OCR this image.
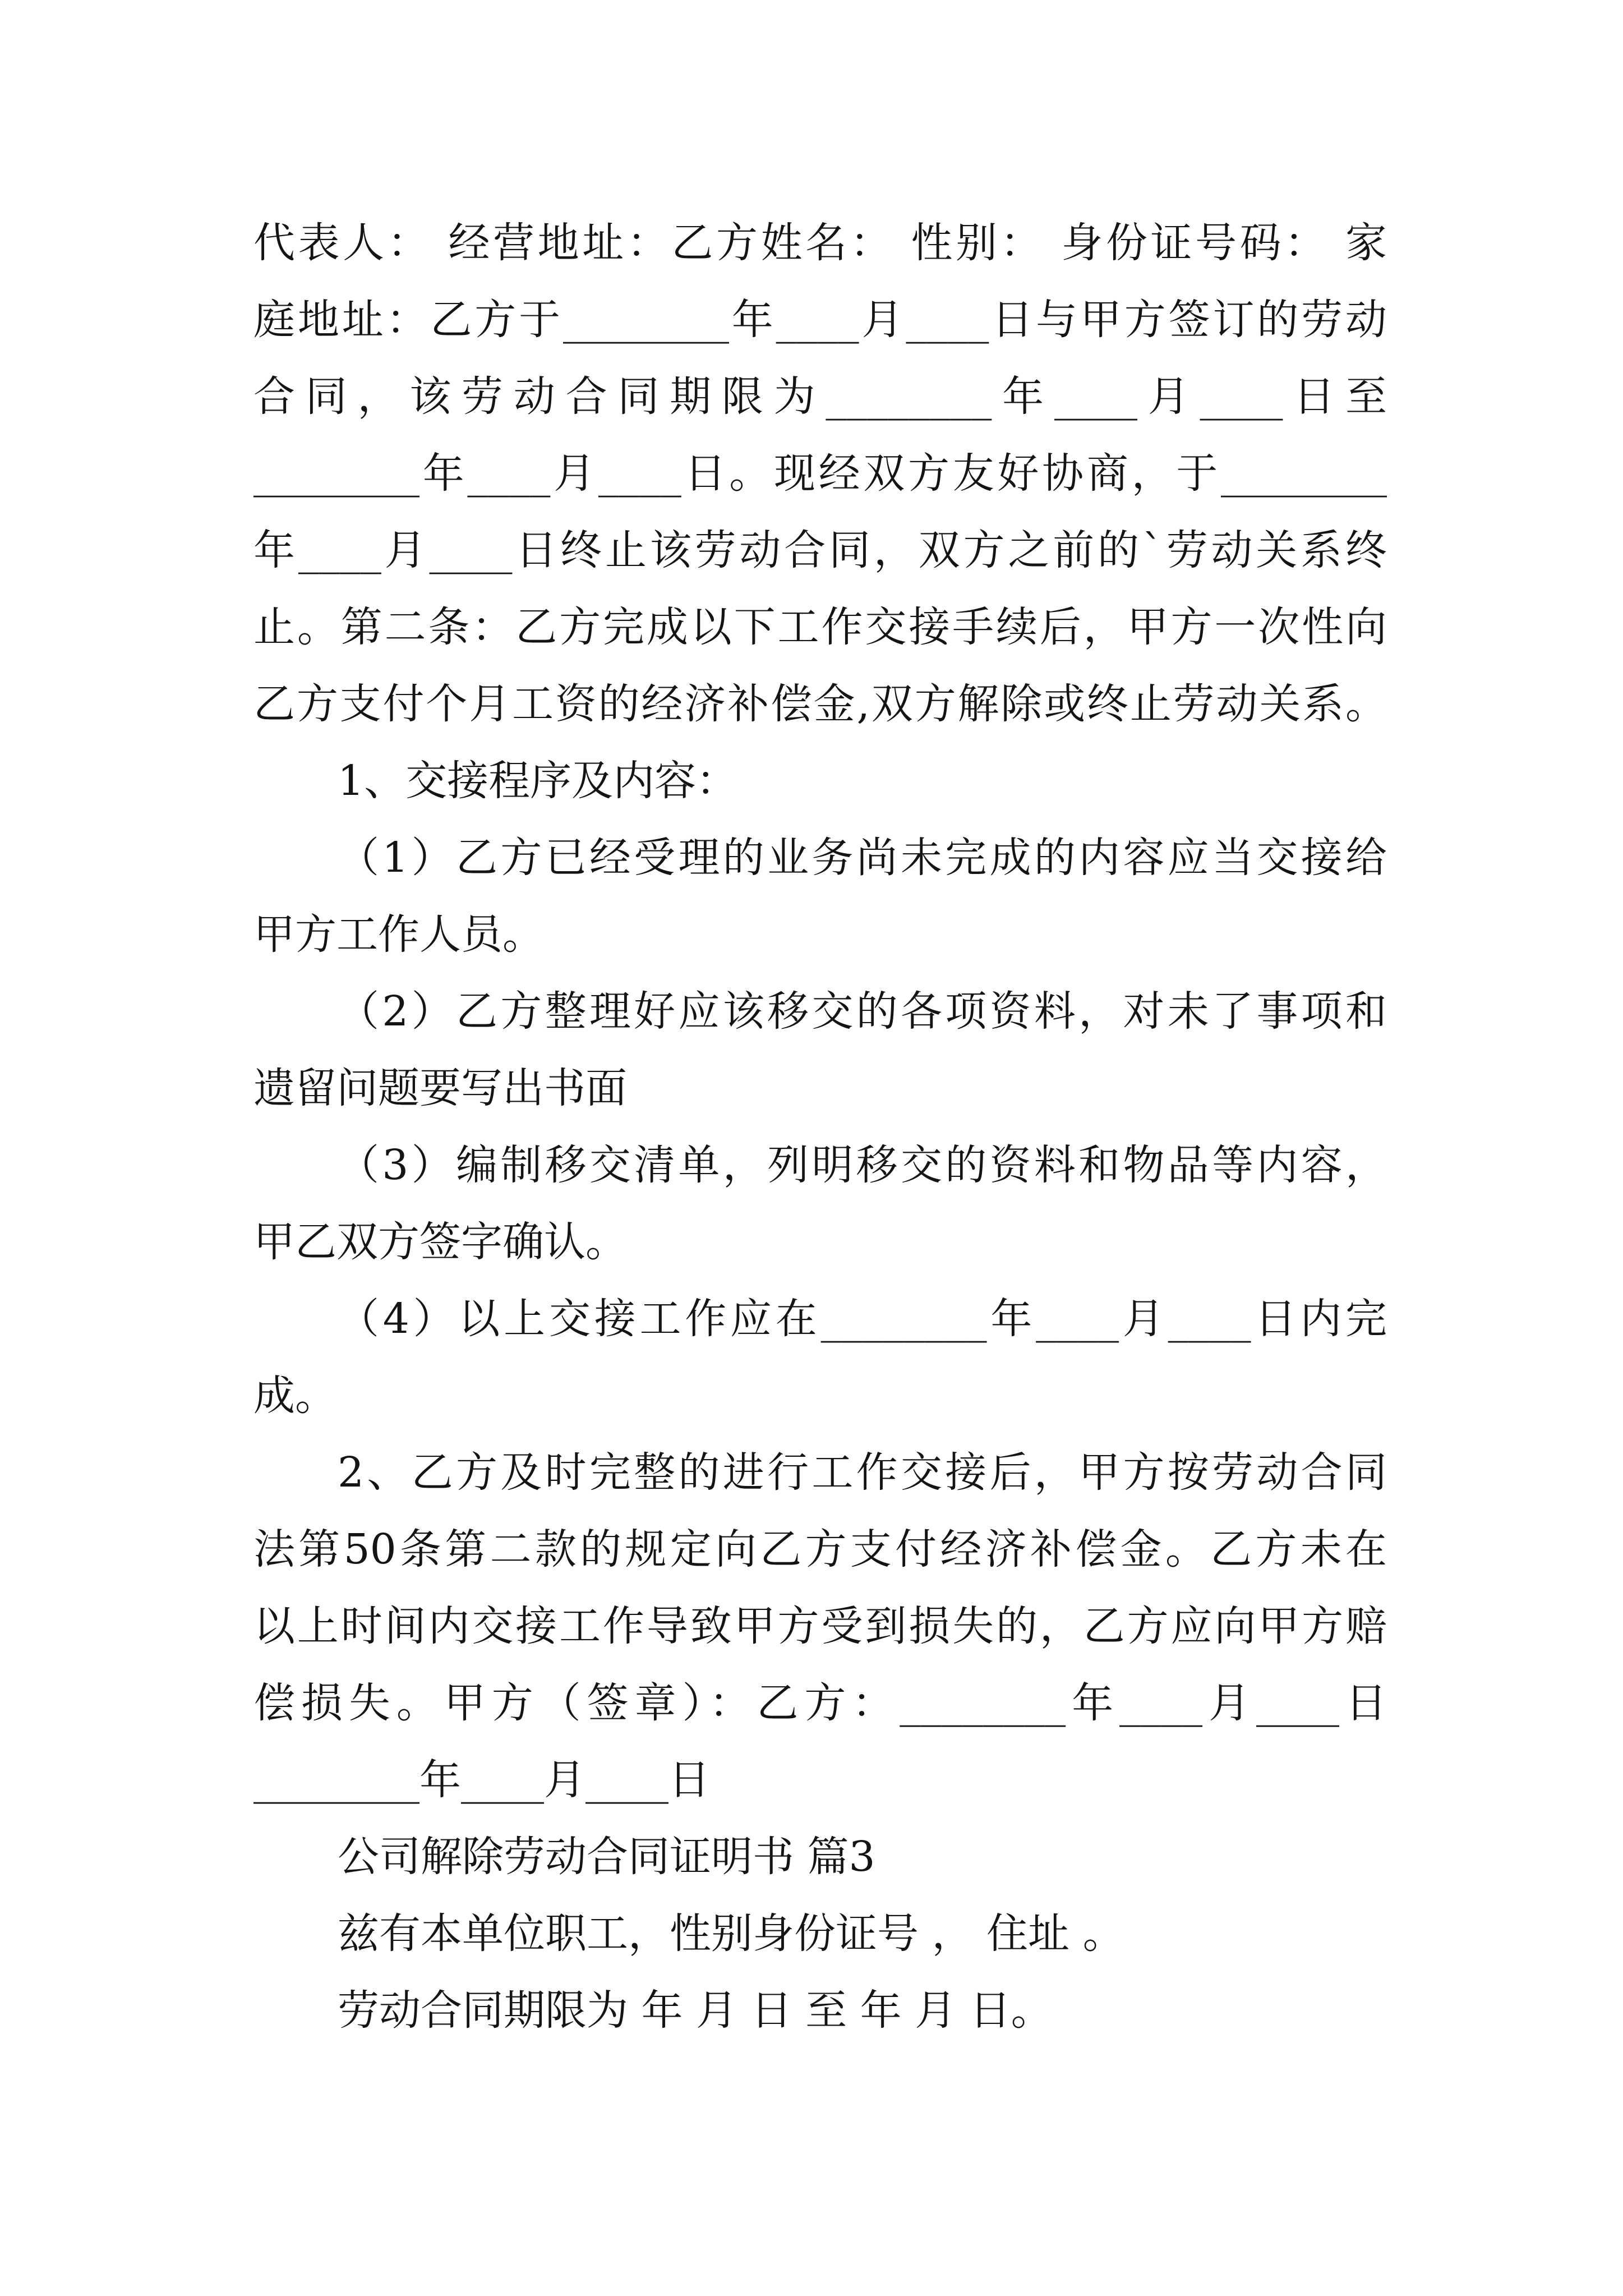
代表人： 经营地址：乙方姓名： 性别： 身份证号码： 家
庭地址：乙方于________年____月____日与甲方签订的劳动
合同，该劳动合同期限为________年____月____日至
________年____月____日。现经双方友好协商，于________
年____月____日终止该劳动合同，双方之前的`劳动关系终
止。第二条：乙方完成以下工作交接手续后，甲方一次性向
乙方支付个月工资的经济补偿金,双方解除或终止劳动关系。
1、交接程序及内容：
（1）乙方已经受理的业务尚未完成的内容应当交接给
甲方工作人员。
（2）乙方整理好应该移交的各项资料，对未了事项和
遗留问题要写出书面
（3）编制移交清单，列明移交的资料和物品等内容，
甲乙双方签字确认。
（4）以上交接工作应在________年____月____日内完
成。
2、乙方及时完整的进行工作交接后，甲方按劳动合同
法第50条第二款的规定向乙方支付经济补偿金。乙方未在
以上时间内交接工作导致甲方受到损失的，乙方应向甲方赔
偿损失。甲方（签章）：乙方：________年____月____日
________年____月____日
公司解除劳动合同证明书 篇3
兹有本单位职工，性别身份证号 ， 住址 。
劳动合同期限为 年 月 日 至 年 月 日。
